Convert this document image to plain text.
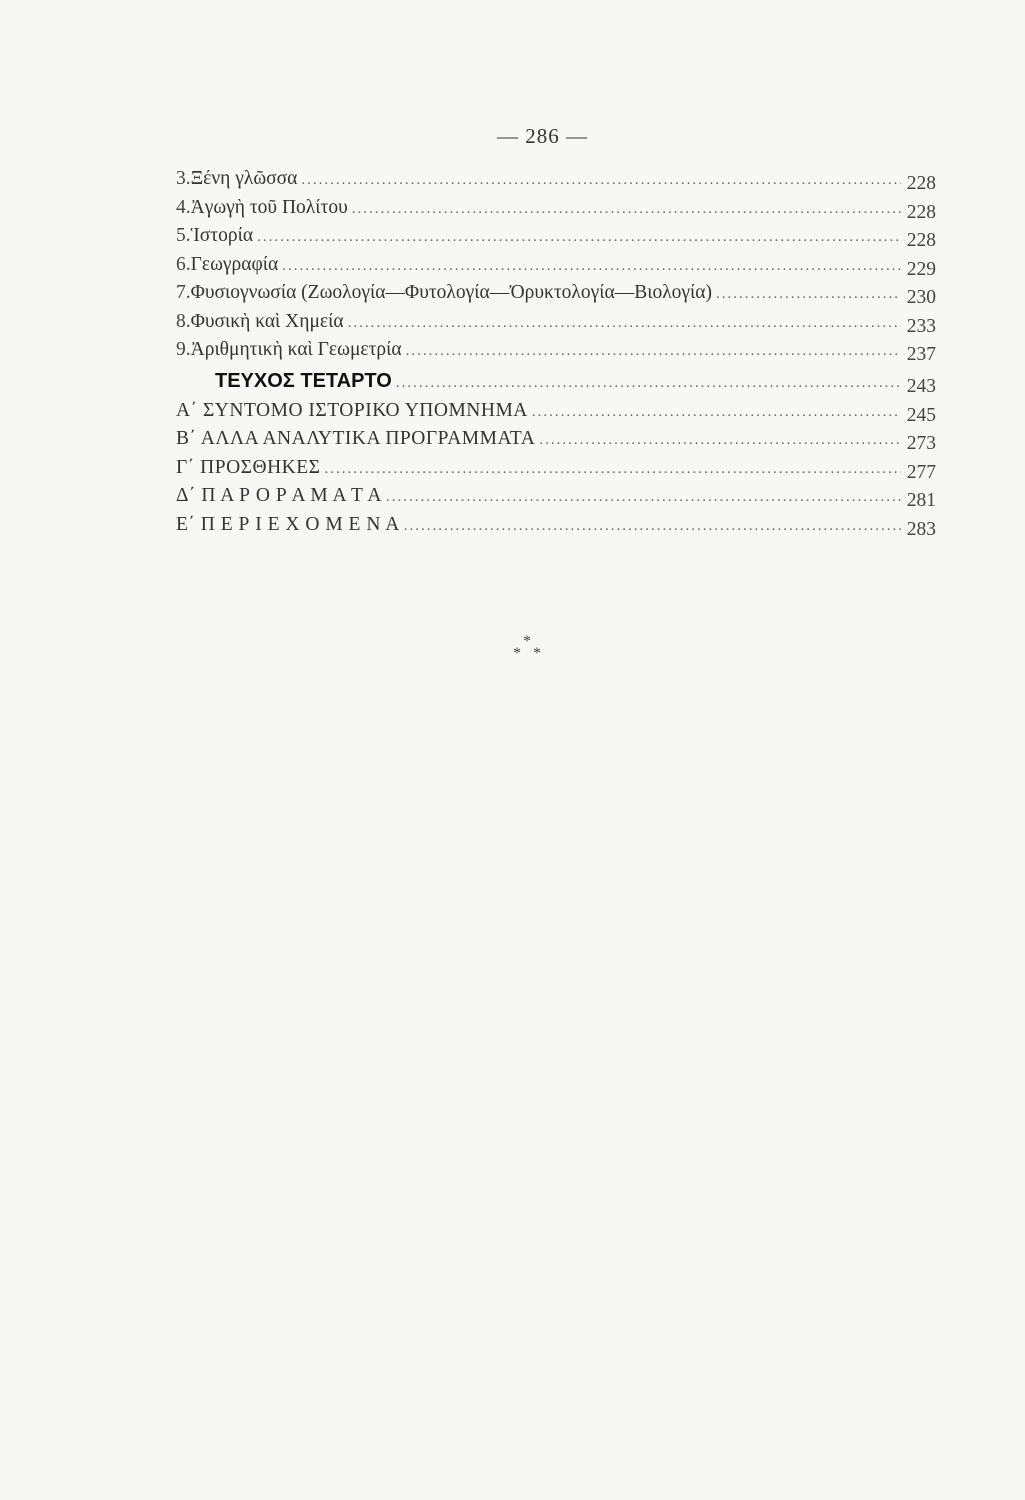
— 286 —
3. Ξένη γλῶσσα .....	228
4. Ἀγωγὴ τοῦ Πολίτου .....	228
5. Ἱστορία .....	228
6. Γεωγραφία .....	229
7. Φυσιογνωσία (Ζωολογία—Φυτολογία—Ὀρυκτολογία—Βιολογία) .....	230
8. Φυσικὴ καὶ Χημεία .....	233
9. Ἀριθμητικὴ καὶ Γεωμετρία .....	237
ΤΕΥΧΟΣ ΤΕΤΑΡΤΟ .....	243
Α΄ ΣΥΝΤΟΜΟ ΙΣΤΟΡΙΚΟ ΥΠΟΜΝΗΜΑ .....	245
Β΄ ΑΛΛΑ ΑΝΑΛΥΤΙΚΑ ΠΡΟΓΡΑΜΜΑΤΑ .....	273
Γ΄ ΠΡΟΣΘΗΚΕΣ .....	277
Δ΄ Π Α Ρ Ο Ρ Α Μ Α Τ Α .....	281
Ε΄ Π Ε Ρ Ι Ε Χ Ο Μ Ε Ν Α .....	283
*
* *
